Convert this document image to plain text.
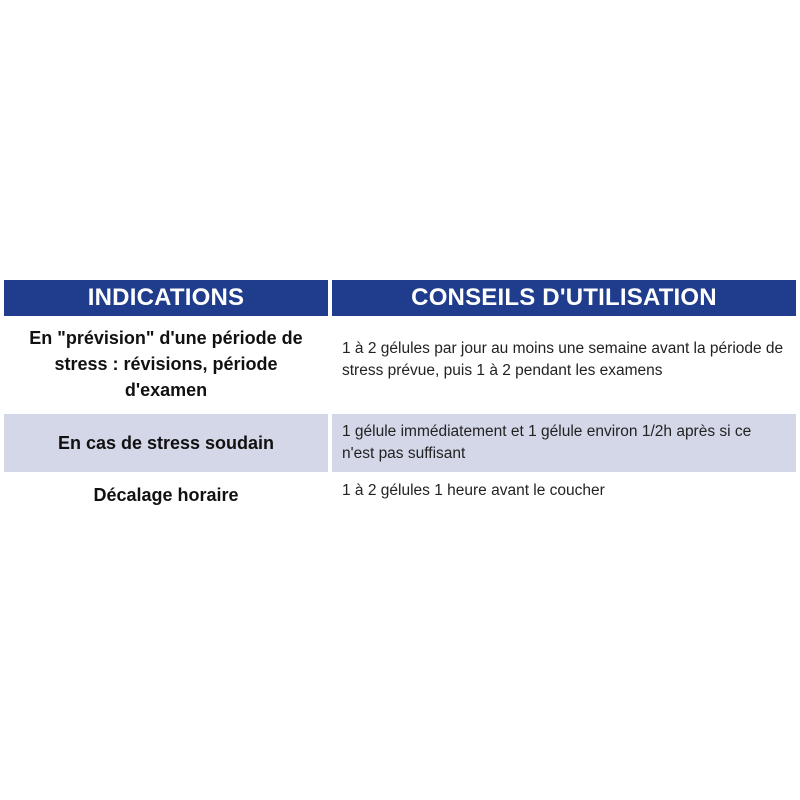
INDICATIONS	CONSEILS D'UTILISATION
En "prévision" d'une période de stress : révisions, période d'examen
1 à 2 gélules par jour au moins une semaine avant la période de stress prévue, puis 1 à 2 pendant les examens
En cas de stress soudain
1 gélule immédiatement et 1 gélule environ 1/2h après si ce n'est pas suffisant
Décalage horaire	1 à 2 gélules 1 heure avant le coucher
